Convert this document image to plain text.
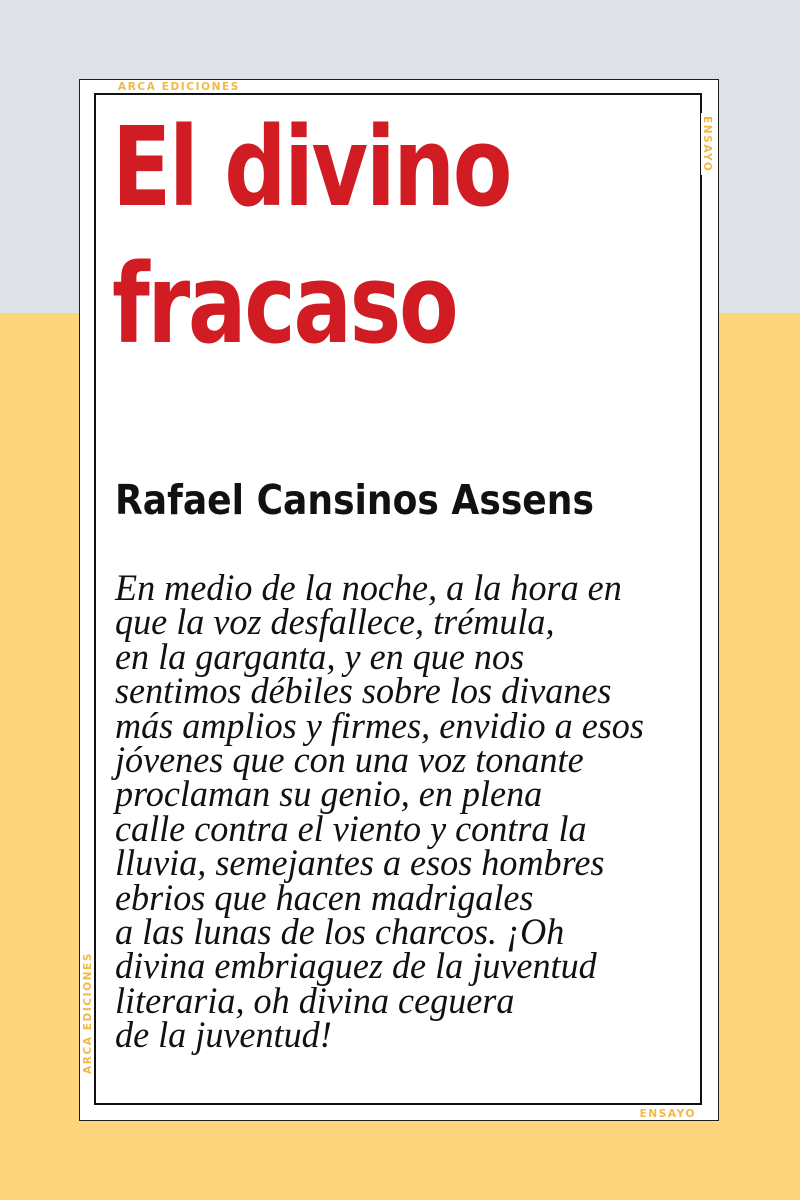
ARCA EDICIONES
ENSAYO
ARCA EDICIONES
ENSAYO
El divino
fracaso
Rafael Cansinos Assens

En medio de la noche, a la hora en
que la voz desfallece, trémula,
en la garganta, y en que nos
sentimos débiles sobre los divanes
más amplios y firmes, envidio a esos
jóvenes que con una voz tonante
proclaman su genio, en plena
calle contra el viento y contra la
lluvia, semejantes a esos hombres
ebrios que hacen madrigales
a las lunas de los charcos. ¡Oh
divina embriaguez de la juventud
literaria, oh divina ceguera
de la juventud!
